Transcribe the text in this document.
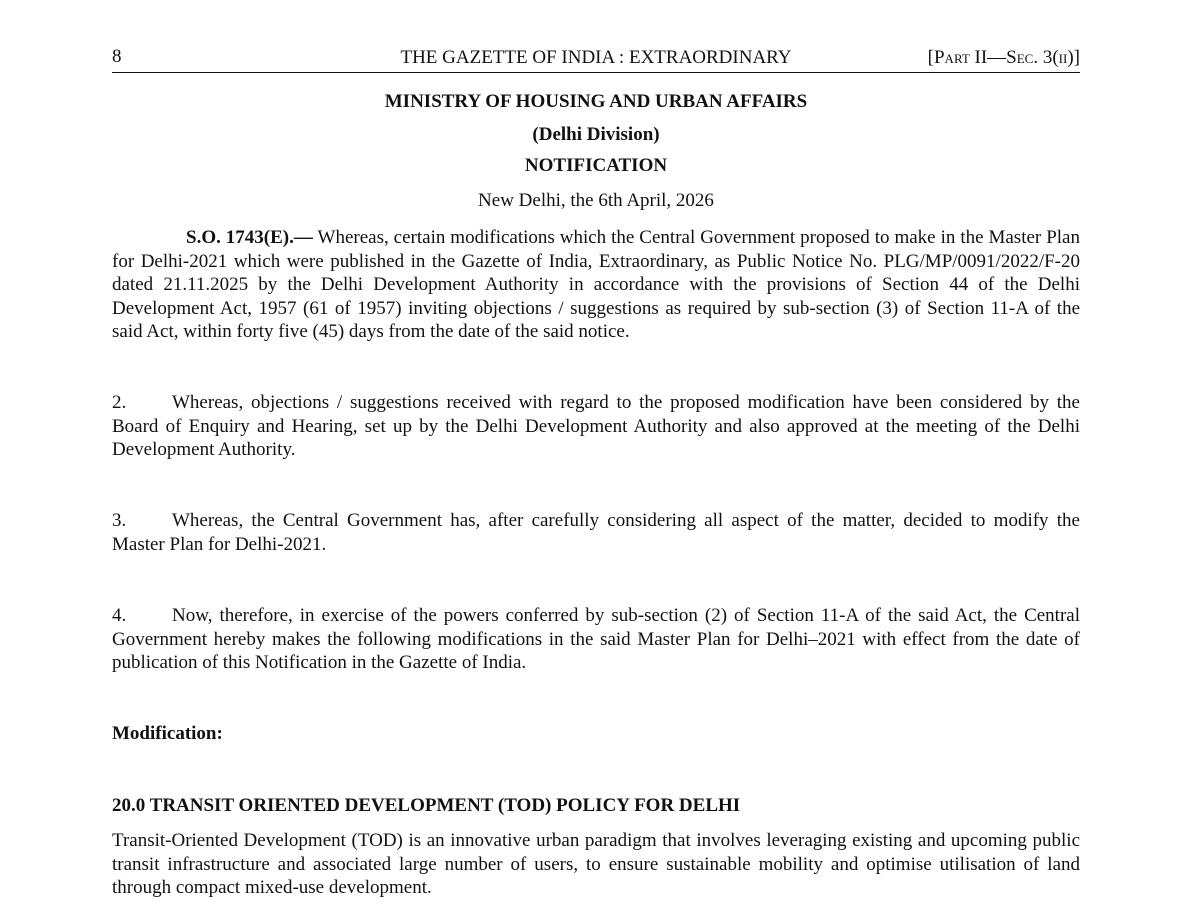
8	THE GAZETTE OF INDIA : EXTRAORDINARY	[Part II—Sec. 3(ii)]
MINISTRY OF HOUSING AND URBAN AFFAIRS
(Delhi Division)
NOTIFICATION
New Delhi, the 6th April, 2026
S.O. 1743(E).— Whereas, certain modifications which the Central Government proposed to make in the Master Plan for Delhi-2021 which were published in the Gazette of India, Extraordinary, as Public Notice No. PLG/MP/0091/2022/F-20 dated 21.11.2025 by the Delhi Development Authority in accordance with the provisions of Section 44 of the Delhi Development Act, 1957 (61 of 1957) inviting objections / suggestions as required by sub-section (3) of Section 11-A of the said Act, within forty five (45) days from the date of the said notice.
2. Whereas, objections / suggestions received with regard to the proposed modification have been considered by the Board of Enquiry and Hearing, set up by the Delhi Development Authority and also approved at the meeting of the Delhi Development Authority.
3. Whereas, the Central Government has, after carefully considering all aspect of the matter, decided to modify the Master Plan for Delhi-2021.
4. Now, therefore, in exercise of the powers conferred by sub-section (2) of Section 11-A of the said Act, the Central Government hereby makes the following modifications in the said Master Plan for Delhi–2021 with effect from the date of publication of this Notification in the Gazette of India.
Modification:
20.0 TRANSIT ORIENTED DEVELOPMENT (TOD) POLICY FOR DELHI
Transit-Oriented Development (TOD) is an innovative urban paradigm that involves leveraging existing and upcoming public transit infrastructure and associated large number of users, to ensure sustainable mobility and optimise utilisation of land through compact mixed-use development.
